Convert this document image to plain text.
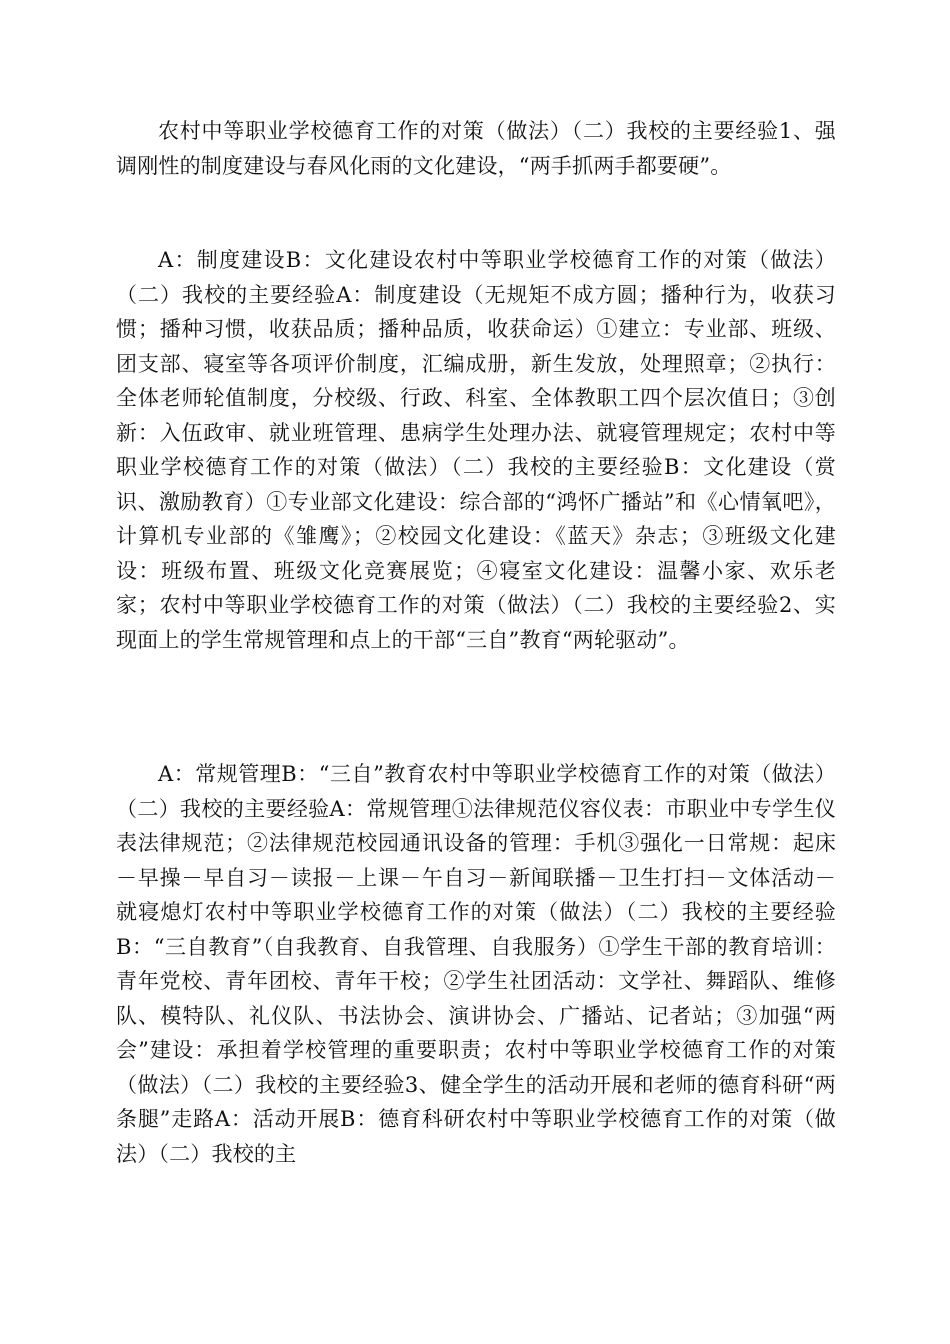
农村中等职业学校德育工作的对策（做法）（二）我校的主要经验1、强调刚性的制度建设与春风化雨的文化建设，“两手抓两手都要硬”。

A：制度建设B：文化建设农村中等职业学校德育工作的对策（做法）（二）我校的主要经验A：制度建设（无规矩不成方圆；播种行为，收获习惯；播种习惯，收获品质；播种品质，收获命运）①建立：专业部、班级、团支部、寝室等各项评价制度，汇编成册，新生发放，处理照章；②执行：全体老师轮值制度，分校级、行政、科室、全体教职工四个层次值日；③创新：入伍政审、就业班管理、患病学生处理办法、就寝管理规定；农村中等职业学校德育工作的对策（做法）（二）我校的主要经验B：文化建设（赏识、激励教育）①专业部文化建设：综合部的“鸿怀广播站”和《心情氧吧》，计算机专业部的《雏鹰》；②校园文化建设：《蓝天》杂志；③班级文化建设：班级布置、班级文化竞赛展览；④寝室文化建设：温馨小家、欢乐老家；农村中等职业学校德育工作的对策（做法）（二）我校的主要经验2、实现面上的学生常规管理和点上的干部“三自”教育“两轮驱动”。

A：常规管理B：“三自”教育农村中等职业学校德育工作的对策（做法）（二）我校的主要经验A：常规管理①法律规范仪容仪表：市职业中专学生仪表法律规范；②法律规范校园通讯设备的管理：手机③强化一日常规：起床－早操－早自习－读报－上课－午自习－新闻联播－卫生打扫－文体活动－就寝熄灯农村中等职业学校德育工作的对策（做法）（二）我校的主要经验B：“三自教育”（自我教育、自我管理、自我服务）①学生干部的教育培训：青年党校、青年团校、青年干校；②学生社团活动：文学社、舞蹈队、维修队、模特队、礼仪队、书法协会、演讲协会、广播站、记者站；③加强“两会”建设：承担着学校管理的重要职责；农村中等职业学校德育工作的对策（做法）（二）我校的主要经验3、健全学生的活动开展和老师的德育科研“两条腿”走路A：活动开展B：德育科研农村中等职业学校德育工作的对策（做法）（二）我校的主
